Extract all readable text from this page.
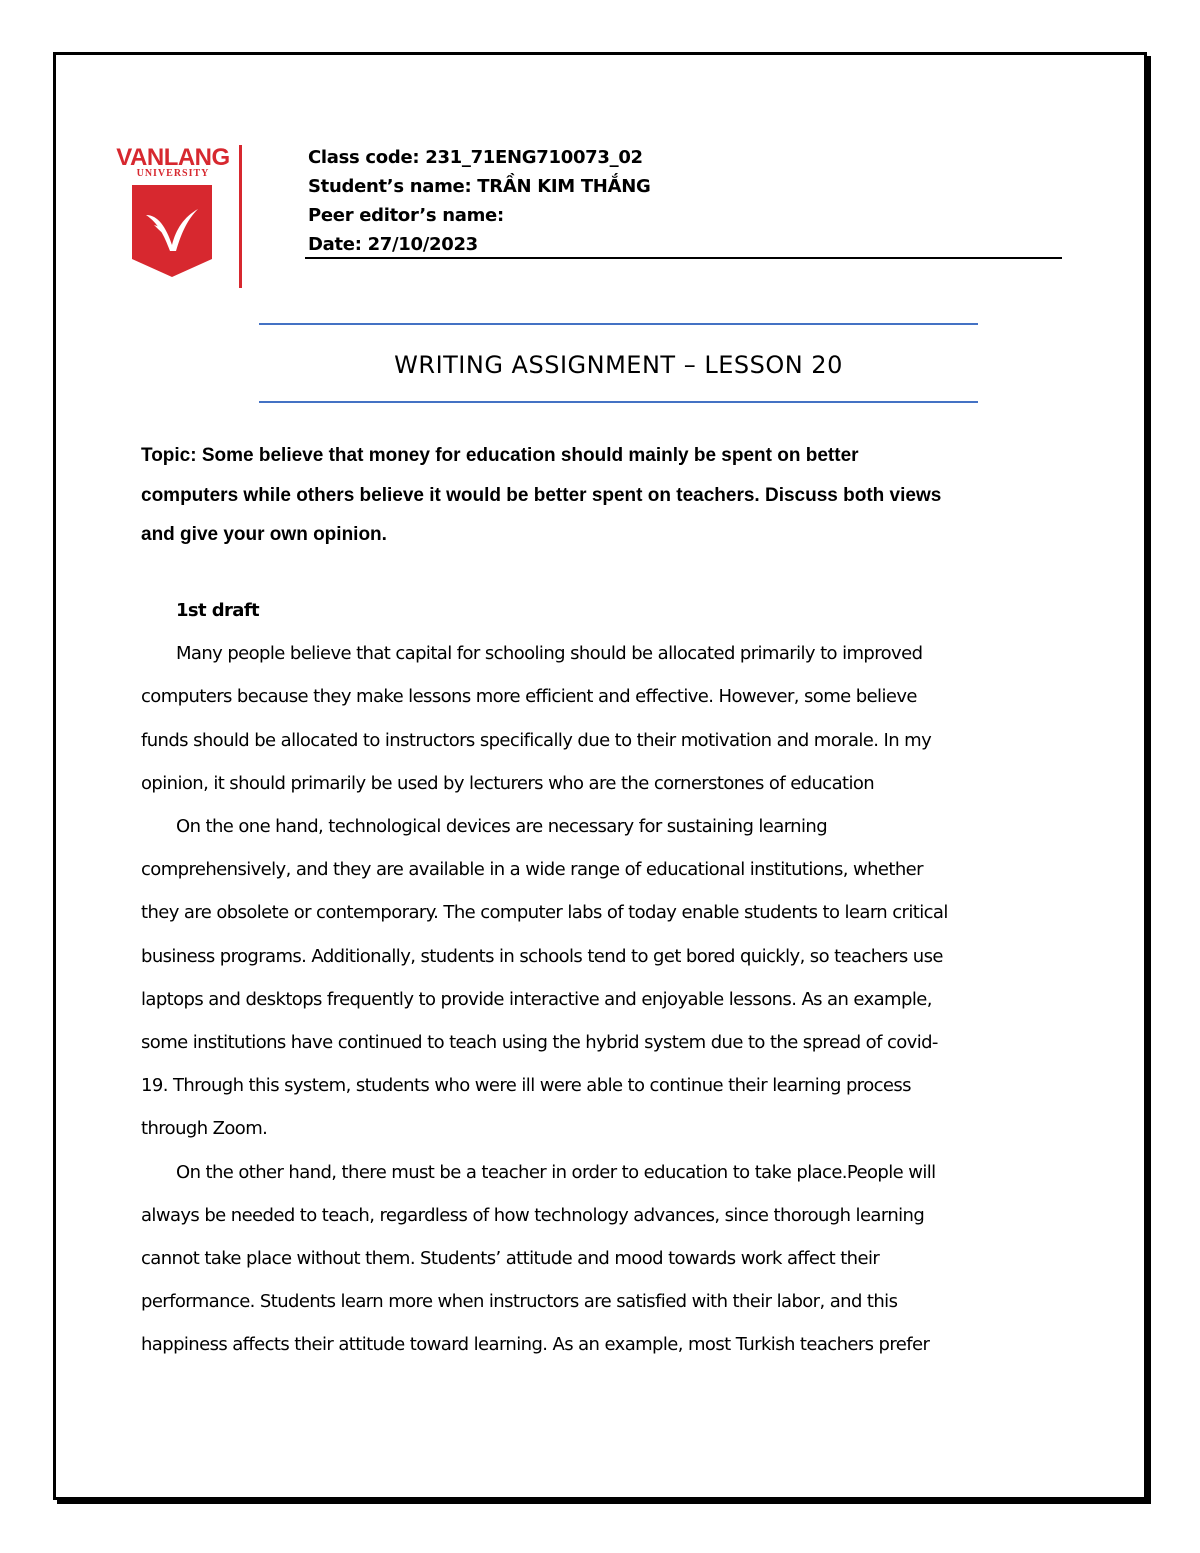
VANLANG
UNIVERSITY
Class code: 231_71ENG710073_02
Student’s name: TRẦN KIM THẮNG
Peer editor’s name:
Date: 27/10/2023
WRITING ASSIGNMENT – LESSON 20
Topic: Some believe that money for education should mainly be spent on better
computers while others believe it would be better spent on teachers. Discuss both views
and give your own opinion.
1st draft
Many people believe that capital for schooling should be allocated primarily to improved
computers because they make lessons more efficient and effective. However, some believe
funds should be allocated to instructors specifically due to their motivation and morale. In my
opinion, it should primarily be used by lecturers who are the cornerstones of education
On the one hand, technological devices are necessary for sustaining learning
comprehensively, and they are available in a wide range of educational institutions, whether
they are obsolete or contemporary. The computer labs of today enable students to learn critical
business programs. Additionally, students in schools tend to get bored quickly, so teachers use
laptops and desktops frequently to provide interactive and enjoyable lessons. As an example,
some institutions have continued to teach using the hybrid system due to the spread of covid-
19. Through this system, students who were ill were able to continue their learning process
through Zoom.
On the other hand, there must be a teacher in order to education to take place.People will
always be needed to teach, regardless of how technology advances, since thorough learning
cannot take place without them. Students’ attitude and mood towards work affect their
performance. Students learn more when instructors are satisfied with their labor, and this
happiness affects their attitude toward learning. As an example, most Turkish teachers prefer
